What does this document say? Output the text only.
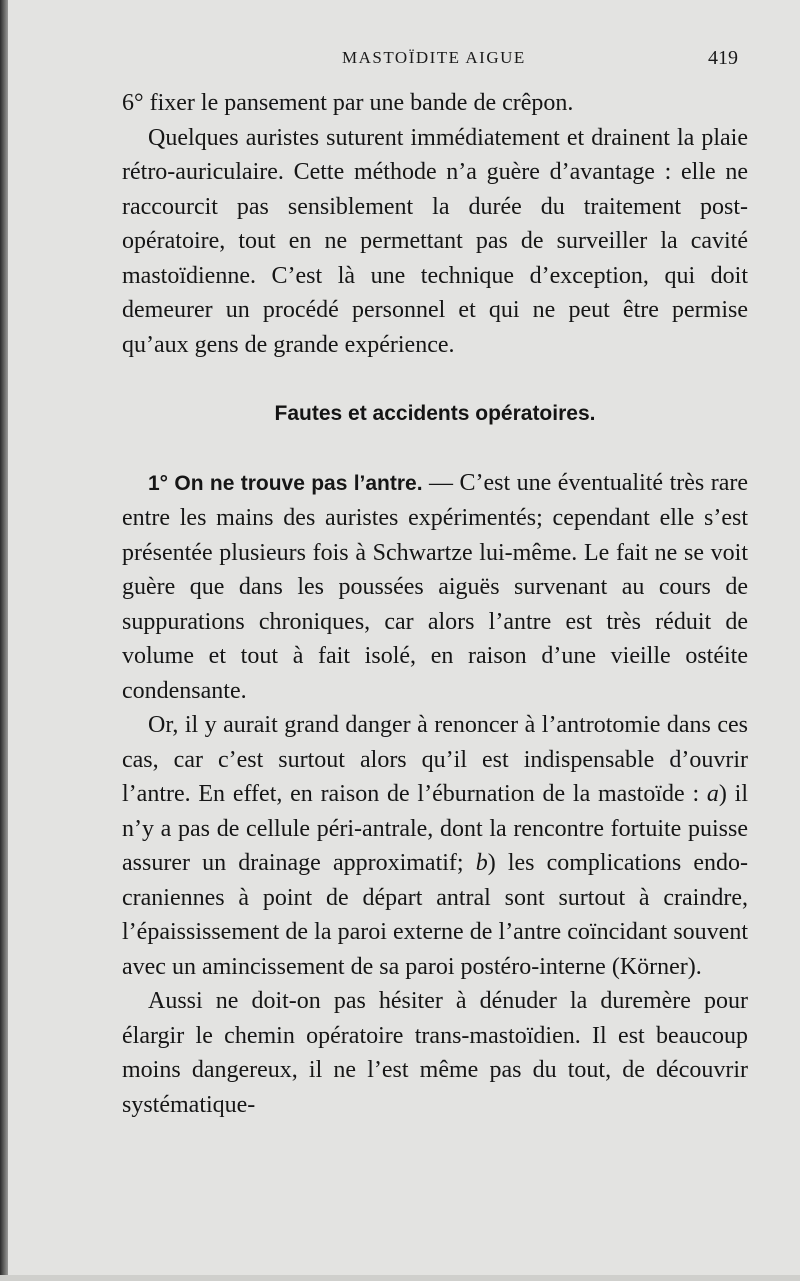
MASTOÏDITE AIGUE	419

6° fixer le pansement par une bande de crêpon.

Quelques auristes suturent immédiatement et drainent la plaie rétro-auriculaire. Cette méthode n’a guère d’avantage : elle ne raccourcit pas sensiblement la durée du traitement post-opératoire, tout en ne permettant pas de surveiller la cavité mastoïdienne. C’est là une technique d’exception, qui doit demeurer un procédé personnel et qui ne peut être permise qu’aux gens de grande expérience.

Fautes et accidents opératoires.

1° On ne trouve pas l’antre. — C’est une éventualité très rare entre les mains des auristes expérimentés; cependant elle s’est présentée plusieurs fois à Schwartze lui-même. Le fait ne se voit guère que dans les poussées aiguës survenant au cours de suppurations chroniques, car alors l’antre est très réduit de volume et tout à fait isolé, en raison d’une vieille ostéite condensante.

Or, il y aurait grand danger à renoncer à l’antrotomie dans ces cas, car c’est surtout alors qu’il est indispensable d’ouvrir l’antre. En effet, en raison de l’éburnation de la mastoïde : a) il n’y a pas de cellule péri-antrale, dont la rencontre fortuite puisse assurer un drainage approximatif; b) les complications endo-craniennes à point de départ antral sont surtout à craindre, l’épaississement de la paroi externe de l’antre coïncidant souvent avec un amincissement de sa paroi postéro-interne (Körner).

Aussi ne doit-on pas hésiter à dénuder la duremère pour élargir le chemin opératoire trans-mastoïdien. Il est beaucoup moins dangereux, il ne l’est même pas du tout, de découvrir systématique-
